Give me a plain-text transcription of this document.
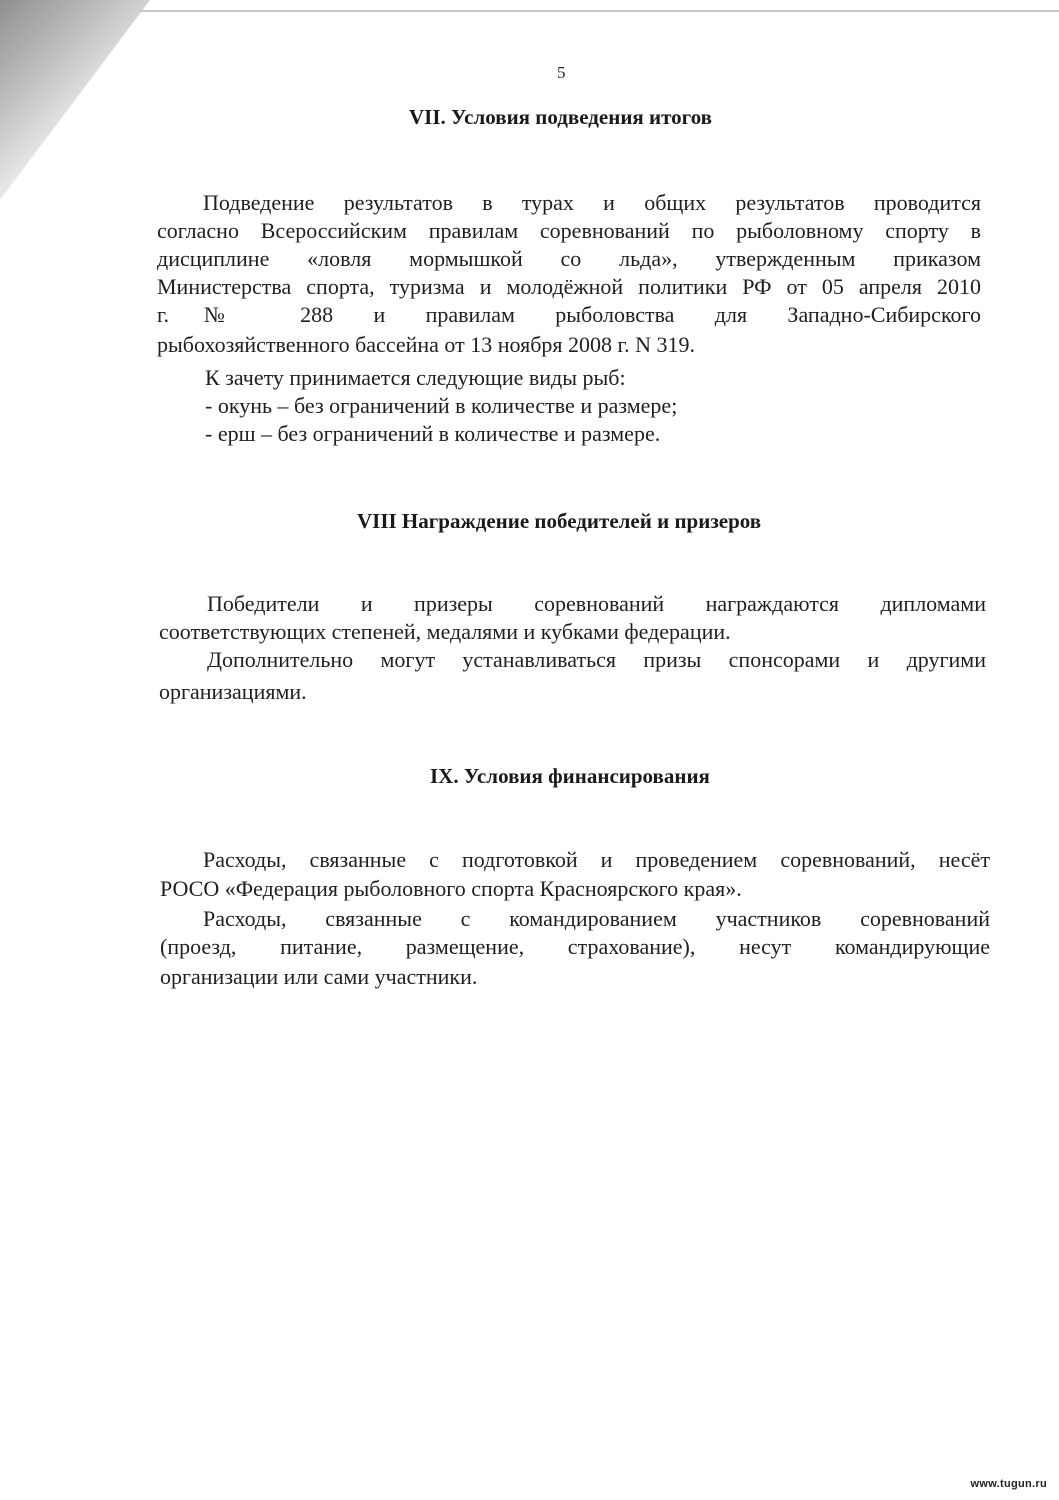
5
VII. Условия подведения итогов
Подведение результатов в турах и общих результатов проводится
согласно Всероссийским правилам соревнований по рыболовному спорту в
дисциплине «ловля мормышкой со льда», утвержденным приказом
Министерства спорта, туризма и молодёжной политики РФ от 05 апреля 2010
г.№ 288 и правилам рыболовства для Западно-Сибирского
рыбохозяйственного бассейна от 13 ноября 2008 г. N 319.
К зачету принимается следующие виды рыб:
- окунь – без ограничений в количестве и размере;
- ерш – без ограничений в количестве и размере.
VIII Награждение победителей и призеров
Победители и призеры соревнований награждаются дипломами
соответствующих степеней, медалями и кубками федерации.
Дополнительно могут устанавливаться призы спонсорами и другими
организациями.
IX. Условия финансирования
Расходы, связанные с подготовкой и проведением соревнований, несёт
РОСО «Федерация рыболовного спорта Красноярского края».
Расходы, связанные с командированием участников соревнований
(проезд, питание, размещение, страхование), несут командирующие
организации или сами участники.
www.tugun.ru
